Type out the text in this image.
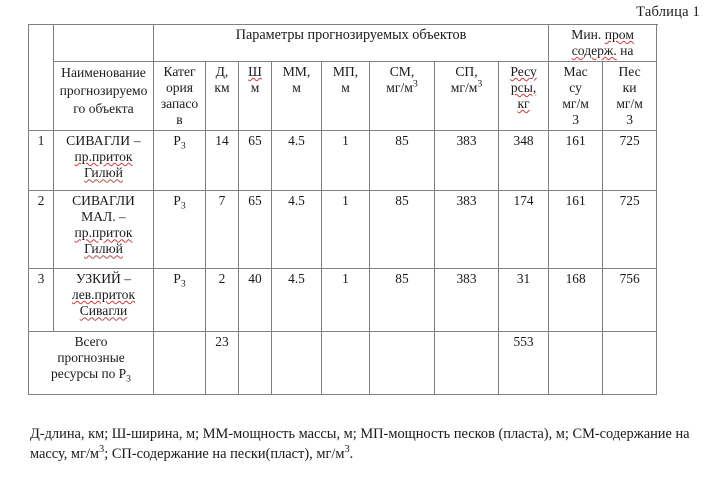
Таблица 1
		Параметры прогнозируемых объектов								Мин. пром
содерж. на	
	Наименование
прогнозируемо
го объекта	Катег
ория
запасо
в	Д,
км	Ш
м	ММ,
м	МП,
м	СМ,
$мг/м^3$	СП,
$мг/м^3$	Ресу
рсы,
кг	Мас
су
мг/м
3	Пес
ки
мг/м
3
1	СИВАГЛИ –
пр.приток
Гилюй	$Р_3$	14	65	4.5	1	85	383	348	161	725
2	СИВАГЛИ
МАЛ. –
пр.приток
Гилюй	$Р_3$	7	65	4.5	1	85	383	174	161	725
3	УЗКИЙ –
лев.приток
Сивагли	$Р_3$	2	40	4.5	1	85	383	31	168	756
Всего
прогнозные
ресурсы по $Р_3$			23						553		
Д-длина, км; Ш-ширина, м; ММ-мощность массы, м; МП-мощность песков (пласта), м; СМ-содержание на массу, $мг/м^3$; СП-содержание на пески(пласт), $мг/м^3$.	Avito
